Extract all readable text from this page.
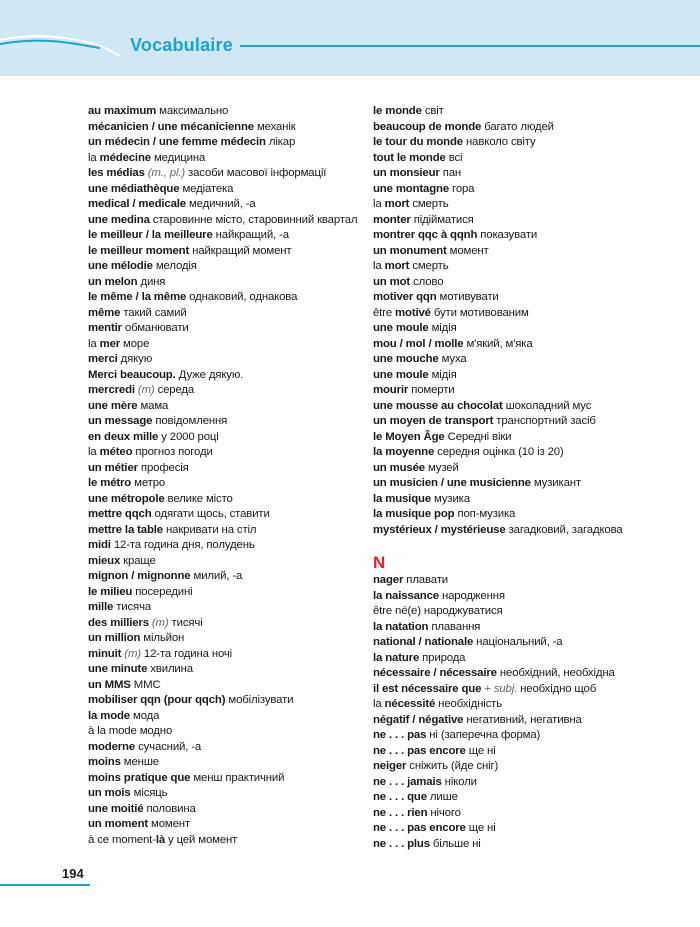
Vocabulaire
au maximum максимально
mécanicien / une mécanicienne механік
un médecin / une femme médecin лікар
la médecine медицина
les médias (m., pl.) засоби масової інформації
une médiathèque медіатека
medical / medicale медичний, -а
une medina старовинне місто, старовинний квартал
le meilleur / la meilleure найкращий, -а
le meilleur moment найкращий момент
une mélodie мелодія
un melon диня
le même / la même однаковий, однакова
même такий самий
mentir обманювати
la mer море
merci дякую
Merci beaucoup. Дуже дякую.
mercredi (m) середа
une mère мама
un message повідомлення
en deux mille у 2000 році
la méteo прогноз погоди
un métier професія
le métro метро
une métropole велике місто
mettre qqch одягати щось, ставити
mettre la table накривати на стіл
midi 12-та година дня, полудень
mieux краще
mignon / mignonne милий, -а
le milieu посередині
mille тисяча
des milliers (m) тисячі
un million мільйон
minuit (m) 12-та година ночі
une minute хвилина
un MMS ММС
mobiliser qqn (pour qqch) мобілізувати
la mode мода
à la mode модно
moderne сучасний, -а
moins менше
moins pratique que менш практичний
un mois місяць
une moitié половина
un moment момент
à ce moment-là у цей момент
le monde світ
beaucoup de monde багато людей
le tour du monde навколо світу
tout le monde всі
un monsieur пан
une montagne гора
la mort смерть
monter підійматися
montrer qqc à qqnh показувати
un monument момент
la mort смерть
un mot слово
motiver qqn мотивувати
être motivé бути мотивованим
une moule мідія
mou / mol / molle м'який, м'яка
une mouche муха
une moule мідія
mourir померти
une mousse au chocolat шоколадний мус
un moyen de transport транспортний засіб
le Moyen Âge Середні віки
la moyenne середня оцінка (10 із 20)
un musée музей
un musicien / une musicienne музикант
la musique музика
la musique pop поп-музика
mystérieux / mystérieuse загадковий, загадкова
N
nager плавати
la naissance народження
être né(e) народжуватися
la natation плавання
national / nationale національний, -а
la nature природа
nécessaire / nécessaire необхідний, необхідна
il est nécessaire que + subj. необхідно щоб
la nécessité необхідність
négatif / négative негативний, негативна
ne . . . pas ні (заперечна форма)
ne . . . pas encore ще ні
neiger сніжить (йде сніг)
ne . . . jamais ніколи
ne . . . que лише
ne . . . rien нічого
ne . . . pas encore ще ні
ne . . . plus більше ні
194
